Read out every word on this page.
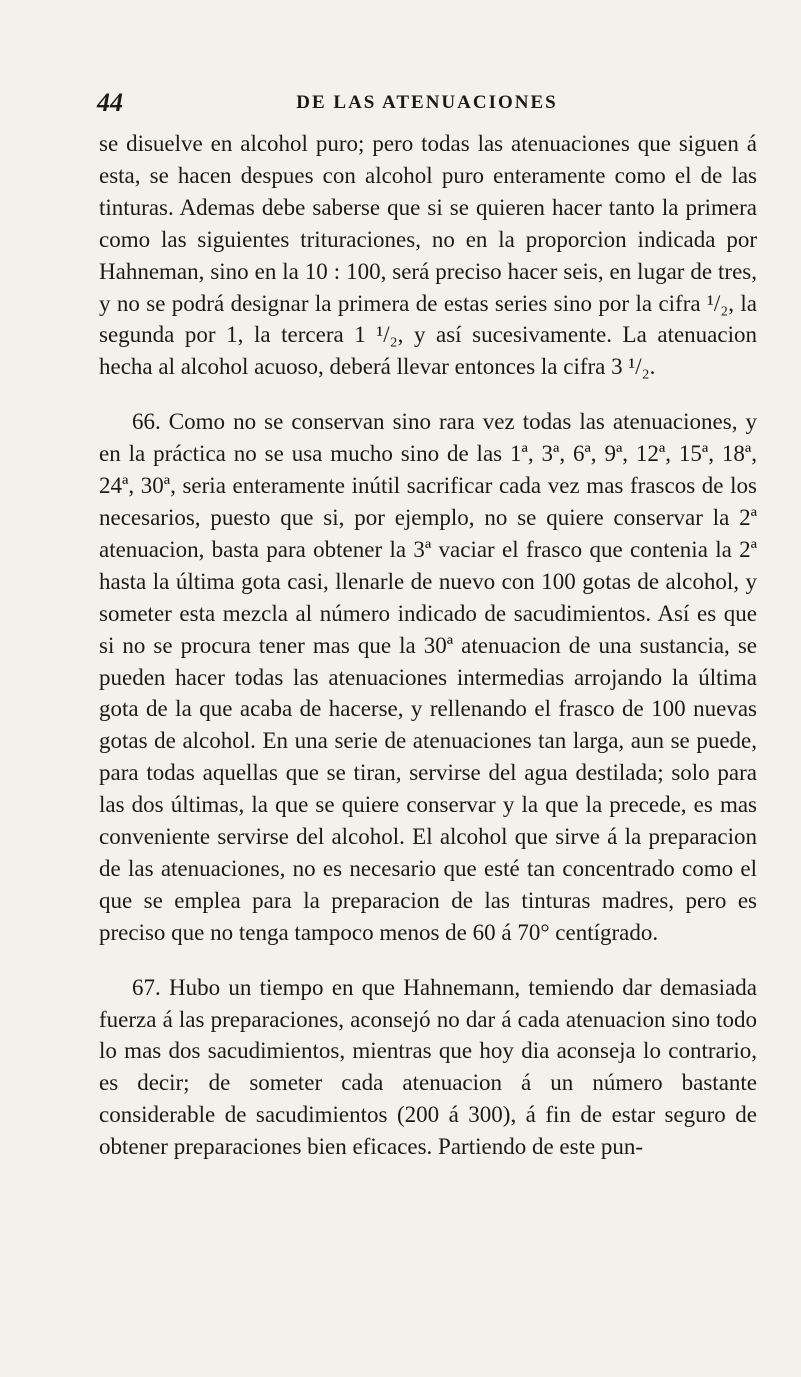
44	DE LAS ATENUACIONES

se disuelve en alcohol puro; pero todas las atenuaciones que siguen á esta, se hacen despues con alcohol puro enteramente como el de las tinturas. Ademas debe saberse que si se quieren hacer tanto la primera como las siguientes trituraciones, no en la proporcion indicada por Hahneman, sino en la 10 : 100, será preciso hacer seis, en lugar de tres, y no se podrá designar la primera de estas series sino por la cifra ¹/₂, la segunda por 1, la tercera 1 ¹/₂, y así sucesivamente. La atenuacion hecha al alcohol acuoso, deberá llevar entonces la cifra 3 ¹/₂.

66. Como no se conservan sino rara vez todas las atenuaciones, y en la práctica no se usa mucho sino de las 1ª, 3ª, 6ª, 9ª, 12ª, 15ª, 18ª, 24ª, 30ª, seria enteramente inútil sacrificar cada vez mas frascos de los necesarios, puesto que si, por ejemplo, no se quiere conservar la 2ª atenuacion, basta para obtener la 3ª vaciar el frasco que contenia la 2ª hasta la última gota casi, llenarle de nuevo con 100 gotas de alcohol, y someter esta mezcla al número indicado de sacudimientos. Así es que si no se procura tener mas que la 30ª atenuacion de una sustancia, se pueden hacer todas las atenuaciones intermedias arrojando la última gota de la que acaba de hacerse, y rellenando el frasco de 100 nuevas gotas de alcohol. En una serie de atenuaciones tan larga, aun se puede, para todas aquellas que se tiran, servirse del agua destilada; solo para las dos últimas, la que se quiere conservar y la que la precede, es mas conveniente servirse del alcohol. El alcohol que sirve á la preparacion de las atenuaciones, no es necesario que esté tan concentrado como el que se emplea para la preparacion de las tinturas madres, pero es preciso que no tenga tampoco menos de 60 á 70° centígrado.

67. Hubo un tiempo en que Hahnemann, temiendo dar demasiada fuerza á las preparaciones, aconsejó no dar á cada atenuacion sino todo lo mas dos sacudimientos, mientras que hoy dia aconseja lo contrario, es decir; de someter cada atenuacion á un número bastante considerable de sacudimientos (200 á 300), á fin de estar seguro de obtener preparaciones bien eficaces. Partiendo de este pun-
